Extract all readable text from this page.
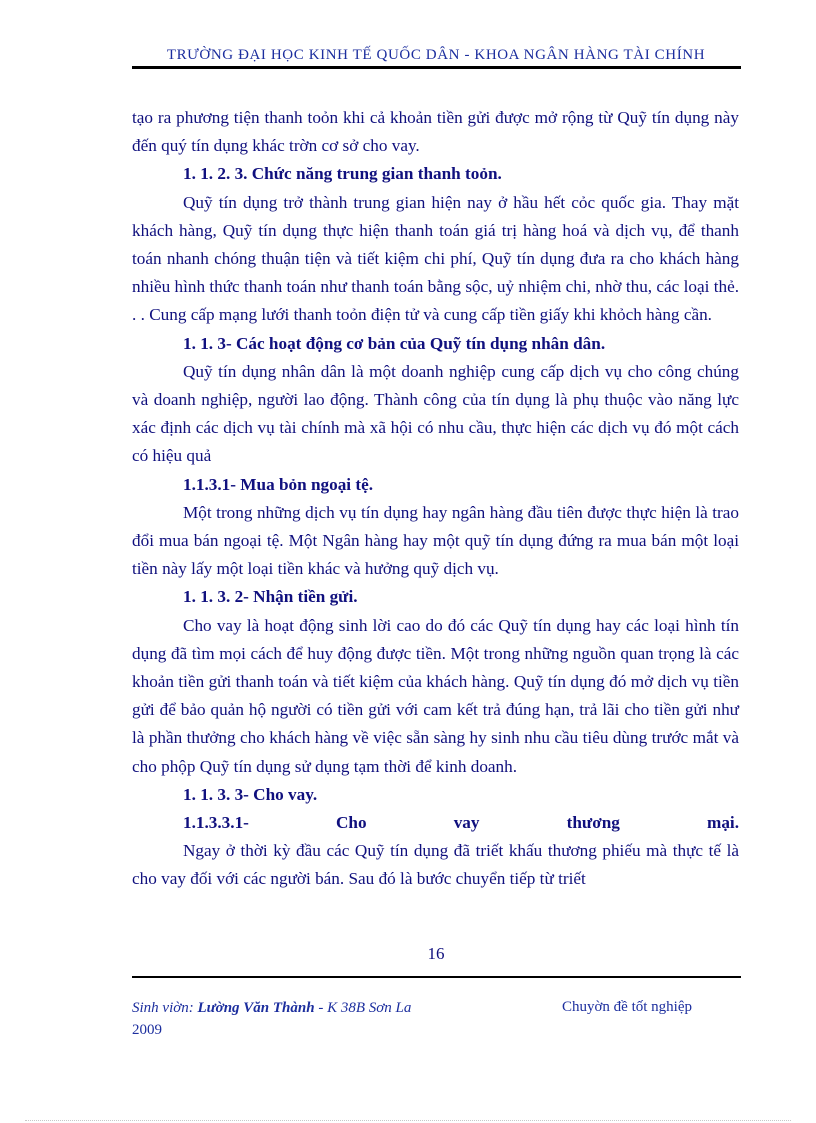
TRƯỜNG ĐẠI HỌC KINH TẾ QUỐC DÂN - KHOA NGÂN HÀNG TÀI CHÍNH

tạo ra phương tiện thanh toỏn khi cả khoản tiền gửi được mở rộng từ Quỹ tín dụng này đến quý tín dụng khác trờn cơ sở cho vay.

1. 1. 2. 3. Chức năng trung gian thanh toỏn.

Quỹ tín dụng trở thành trung gian hiện nay ở hầu hết cỏc quốc gia. Thay mặt khách hàng, Quỹ tín dụng thực hiện thanh toán giá trị hàng hoá và dịch vụ, để thanh toán nhanh chóng thuận tiện và tiết kiệm chi phí, Quỹ tín dụng đưa ra cho khách hàng nhiều hình thức thanh toán như thanh toán bằng sộc, uỷ nhiệm chi, nhờ thu, các loại thẻ. . . Cung cấp mạng lưới thanh toỏn điện tử và cung cấp tiền giấy khi khỏch hàng cần.

1. 1. 3- Các hoạt động cơ bản của Quỹ tín dụng nhân dân.

Quỹ tín dụng nhân dân là một doanh nghiệp cung cấp dịch vụ cho công chúng và doanh nghiệp, người lao động. Thành công của tín dụng là phụ thuộc vào năng lực xác định các dịch vụ tài chính mà xã hội có nhu cầu, thực hiện các dịch vụ đó một cách có hiệu quả

1.1.3.1- Mua bỏn ngoại tệ.

Một trong những dịch vụ tín dụng hay ngân hàng đầu tiên được thực hiện là trao đổi mua bán ngoại tệ. Một Ngân hàng hay một quỹ tín dụng đứng ra mua bán một loại tiền này lấy một loại tiền khác và hưởng quỹ dịch vụ.

1. 1. 3. 2- Nhận tiền gửi.

Cho vay là hoạt động sinh lời cao do đó các Quỹ tín dụng hay các loại hình tín dụng đã tìm mọi cách để huy động được tiền. Một trong những nguồn quan trọng là các khoản tiền gửi thanh toán và tiết kiệm của khách hàng. Quỹ tín dụng đó mở dịch vụ tiền gửi để bảo quản hộ người có tiền gửi với cam kết trả đúng hạn, trả lãi cho tiền gửi như là phần thưởng cho khách hàng về việc sẵn sàng hy sinh nhu cầu tiêu dùng trước mắt và cho phộp Quỹ tín dụng sử dụng tạm thời để kinh doanh.

1. 1. 3. 3- Cho vay.

1.1.3.3.1- Cho vay thương mại.

Ngay ở thời kỳ đầu các Quỹ tín dụng đã triết khấu thương phiếu mà thực tế là cho vay đối với các người bán. Sau đó là bước chuyển tiếp từ triết

16
Sinh viờn: Lường Văn Thành - K 38B Sơn La
2009
Chuyờn đề tốt nghiệp
